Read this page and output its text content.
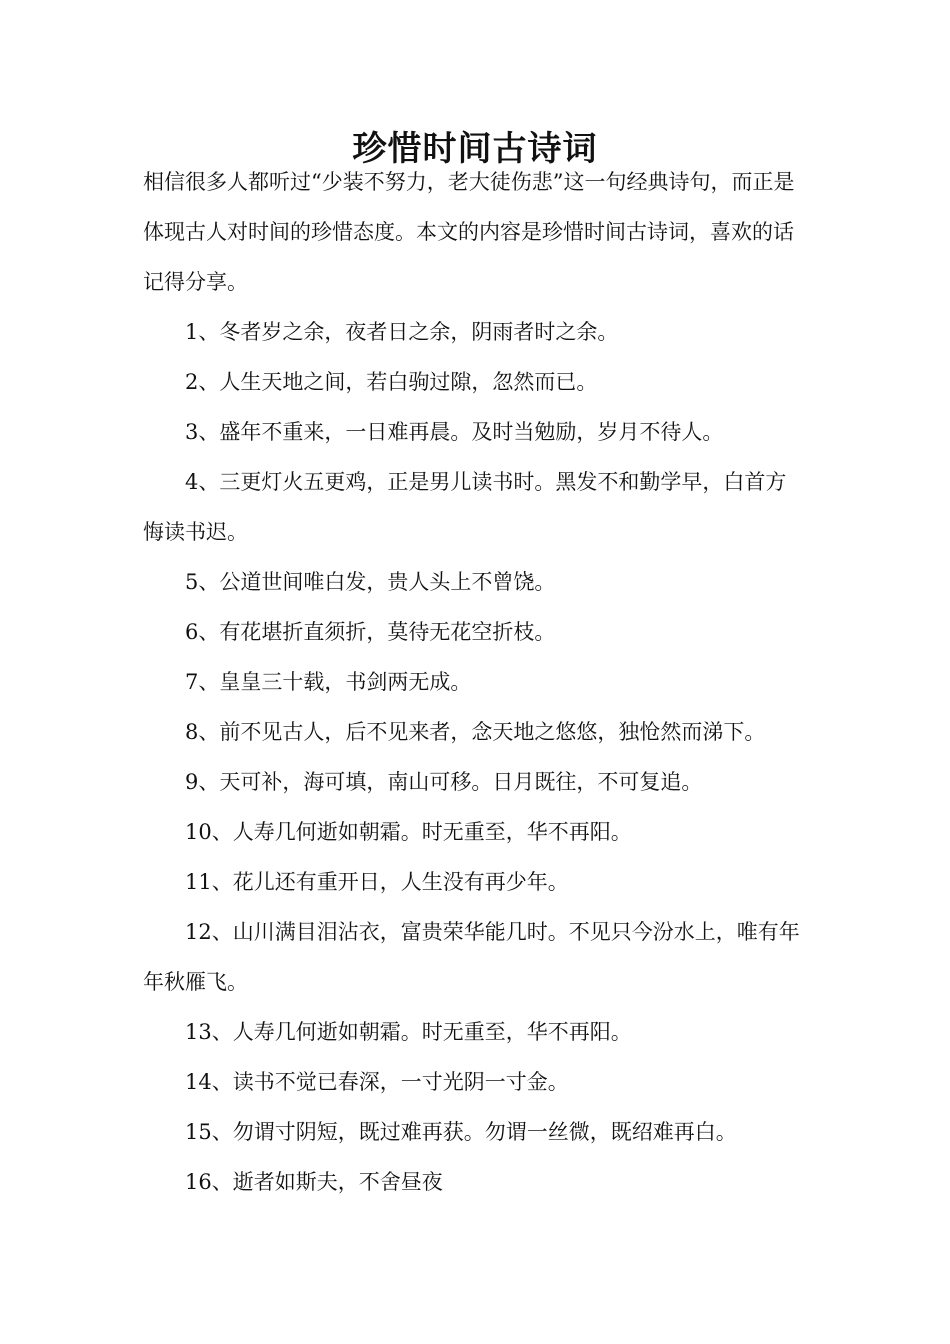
珍惜时间古诗词

相信很多人都听过“少装不努力，老大徒伤悲”这一句经典诗句，而正是体现古人对时间的珍惜态度。本文的内容是珍惜时间古诗词，喜欢的话记得分享。

1、冬者岁之余，夜者日之余，阴雨者时之余。

2、人生天地之间，若白驹过隙，忽然而已。

3、盛年不重来，一日难再晨。及时当勉励，岁月不待人。

4、三更灯火五更鸡，正是男儿读书时。黑发不和勤学早，白首方悔读书迟。

5、公道世间唯白发，贵人头上不曾饶。

6、有花堪折直须折，莫待无花空折枝。

7、皇皇三十载，书剑两无成。

8、前不见古人，后不见来者，念天地之悠悠，独怆然而涕下。

9、天可补，海可填，南山可移。日月既往，不可复追。

10、人寿几何逝如朝霜。时无重至，华不再阳。

11、花儿还有重开日，人生没有再少年。

12、山川满目泪沾衣，富贵荣华能几时。不见只今汾水上，唯有年年秋雁飞。

13、人寿几何逝如朝霜。时无重至，华不再阳。

14、读书不觉已春深，一寸光阴一寸金。

15、勿谓寸阴短，既过难再获。勿谓一丝微，既绍难再白。

16、逝者如斯夫，不舍昼夜
